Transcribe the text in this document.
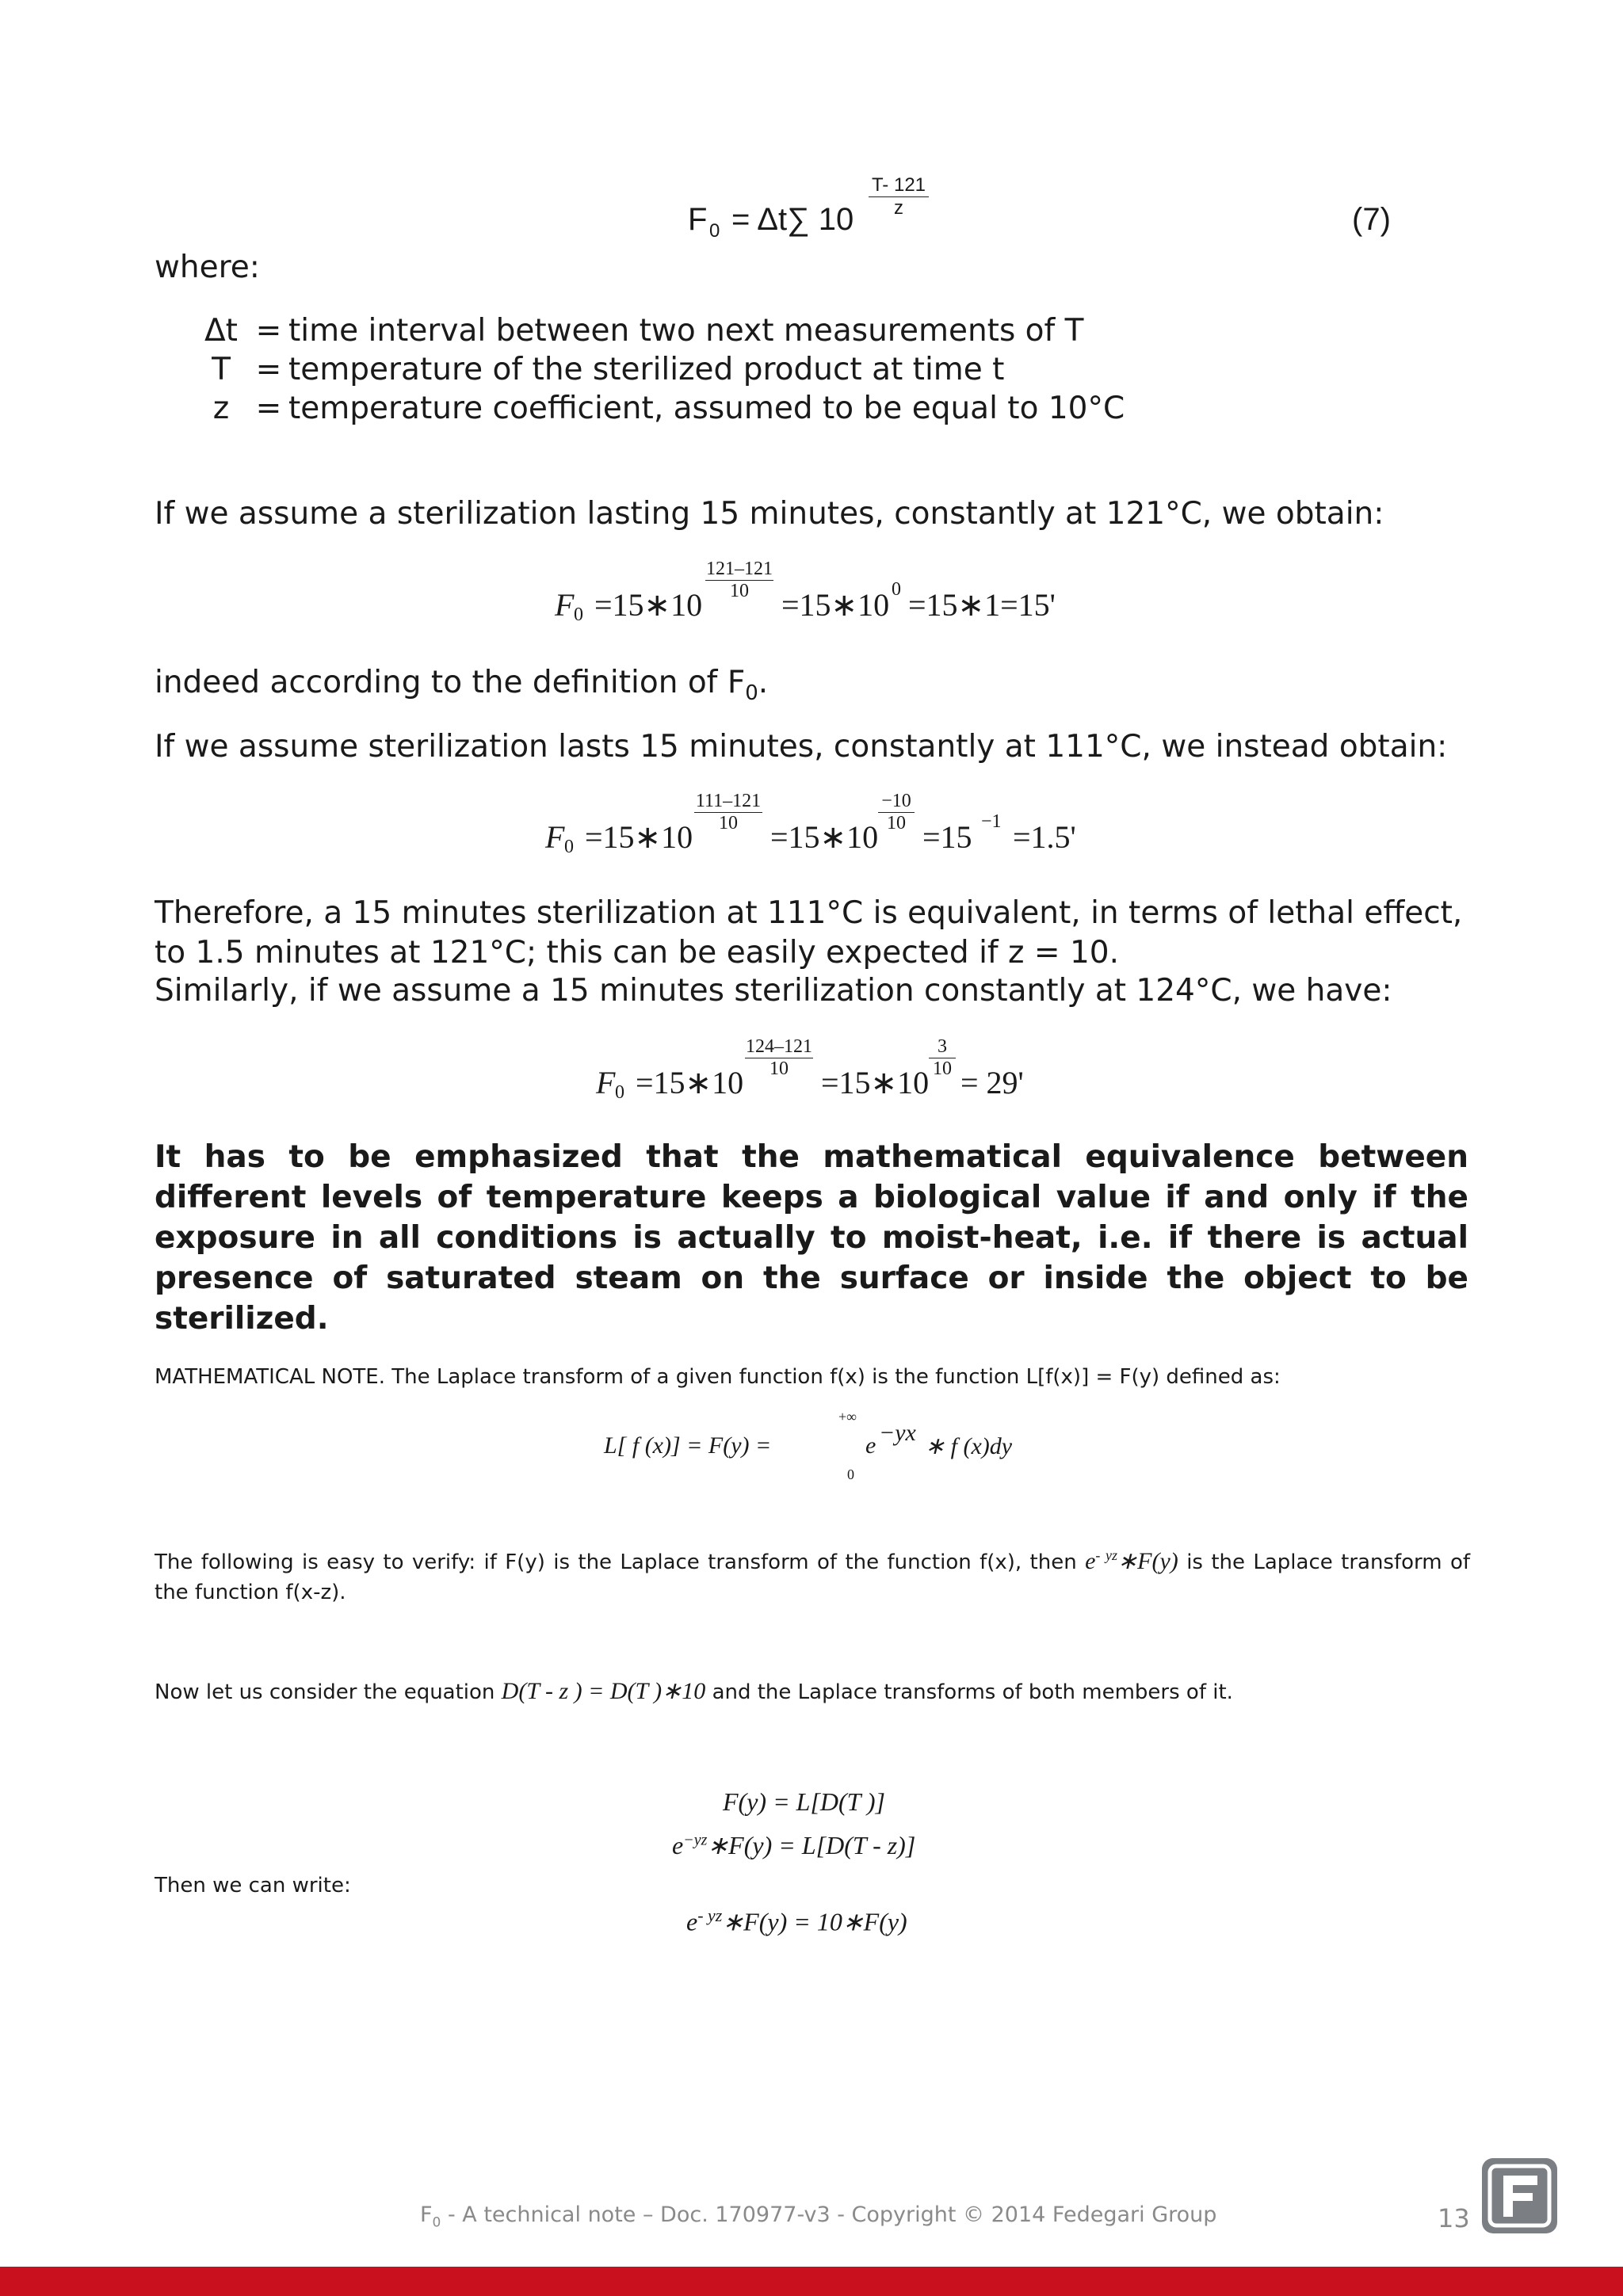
F 0 = Δt∑ $10 \frac{T- 121}{z}$	(7)
where:
Δt = time interval between two next measurements of T
T = temperature of the sterilized product at time t
z = temperature coefficient, assumed to be equal to 10°C
If we assume a sterilization lasting 15 minutes, constantly at 121°C, we obtain:
F 0 =15∗10
$\frac{121-121}{10}$
=15∗10 0 =15∗1=15'
indeed according to the definition of $F_0$.
If we assume sterilization lasts 15 minutes, constantly at 111°C, we instead obtain:
F 0 =15∗10
$\frac{111-121}{10}$
=15∗10
$\frac{-10}{10}$
=15 −1 =1.5'
Therefore, a 15 minutes sterilization at 111°C is equivalent, in terms of lethal effect, to 1.5 minutes at 121°C; this can be easily expected if z = 10.
Similarly, if we assume a 15 minutes sterilization constantly at 124°C, we have:
F 0 =15∗10
$\frac{124-121}{10}$
=15∗10
$\frac{3}{10}$
= 29'
It has to be emphasized that the mathematical equivalence between different levels of temperature keeps a biological value if and only if the exposure in all conditions is actually to moist-heat, i.e. if there is actual presence of saturated steam on the surface or inside the object to be sterilized.
MATHEMATICAL NOTE. The Laplace transform of a given function f(x) is the function L[f(x)] = F(y) defined as:
L[ f (x)] = F(y) =
+∞
0
e −yx
∗ f (x)dy
The following is easy to verify: if F(y) is the Laplace transform of the function f(x), then $e^{- yz}∗F(y)$ is the Laplace transform of the function f(x-z).
Now let us consider the equation D(T - z ) = D(T )∗10 and the Laplace transforms of both members of it.
F(y) = L[D(T )]
$e^{-yz}∗F(y) = L[D(T - z)]$
Then we can write:
$e^{- yz}∗F(y)$ = 10∗F(y)
$F_0$ - A technical note – Doc. 170977-v3 - Copyright © 2014 Fedegari Group	13
